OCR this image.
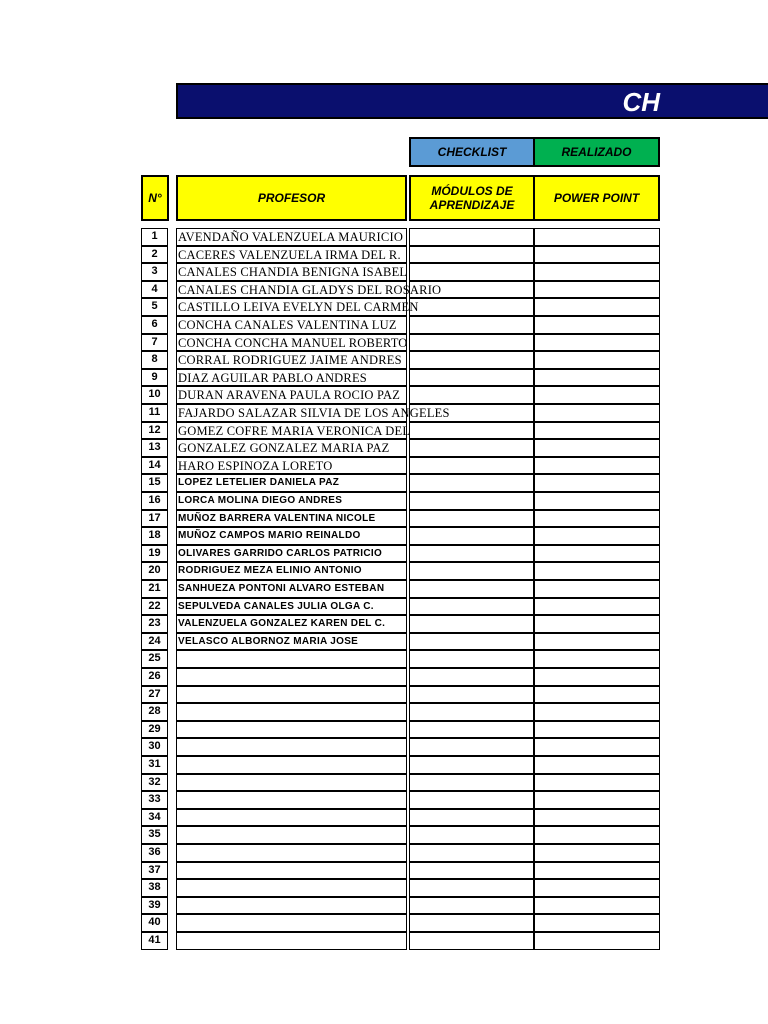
CH
CHECKLIST	REALIZADO
N°	PROFESOR	MÓDULOS DE APRENDIZAJE	POWER POINT
1	AVENDAÑO VALENZUELA MAURICIO
2	CACERES VALENZUELA IRMA DEL R.
3	CANALES CHANDIA BENIGNA ISABEL
4	CANALES CHANDIA GLADYS DEL ROSARIO
5	CASTILLO LEIVA EVELYN DEL CARMEN
6	CONCHA CANALES VALENTINA LUZ
7	CONCHA CONCHA MANUEL ROBERTO
8	CORRAL RODRIGUEZ JAIME ANDRES
9	DIAZ AGUILAR PABLO ANDRES
10	DURAN ARAVENA PAULA ROCIO PAZ
11	FAJARDO SALAZAR SILVIA DE LOS ANGELES
12	GOMEZ COFRE MARIA VERONICA DEL
13	GONZALEZ GONZALEZ MARIA PAZ
14	HARO ESPINOZA LORETO
15	LOPEZ LETELIER DANIELA PAZ
16	LORCA MOLINA DIEGO ANDRES
17	MUÑOZ BARRERA VALENTINA NICOLE
18	MUÑOZ CAMPOS MARIO REINALDO
19	OLIVARES GARRIDO CARLOS PATRICIO
20	RODRIGUEZ MEZA ELINIO ANTONIO
21	SANHUEZA PONTONI ALVARO ESTEBAN
22	SEPULVEDA CANALES JULIA OLGA C.
23	VALENZUELA GONZALEZ KAREN DEL C.
24	VELASCO ALBORNOZ MARIA JOSE
25
26
27
28
29
30
31
32
33
34
35
36
37
38
39
40
41
